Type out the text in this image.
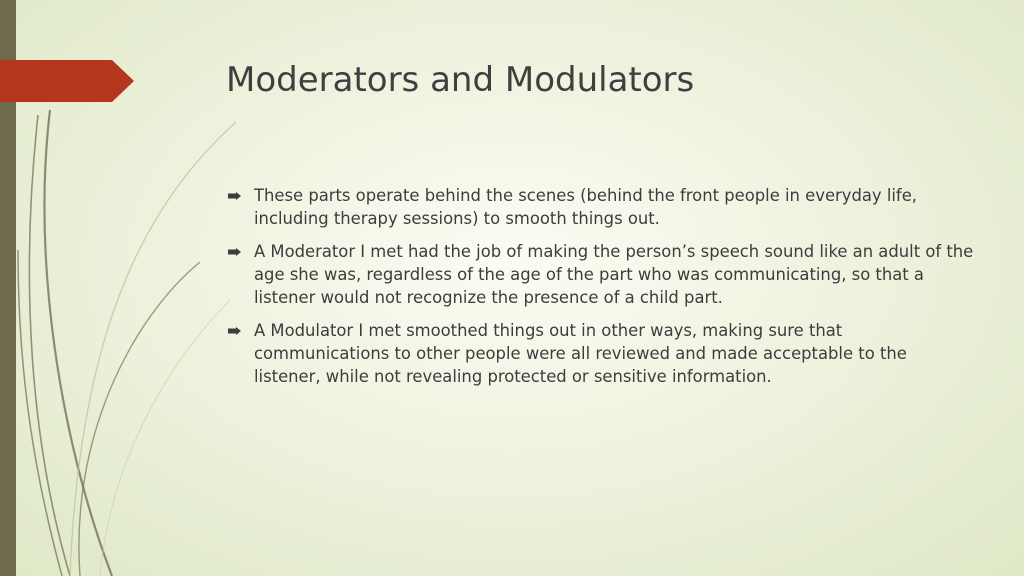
Moderators and Modulators
These parts operate behind the scenes (behind the front people in everyday life, including therapy sessions) to smooth things out.
A Moderator I met had the job of making the person’s speech sound like an adult of the age she was, regardless of the age of the part who was communicating, so that a listener would not recognize the presence of a child part.
A Modulator I met smoothed things out in other ways, making sure that communications to other people were all reviewed and made acceptable to the listener, while not revealing protected or sensitive information.
